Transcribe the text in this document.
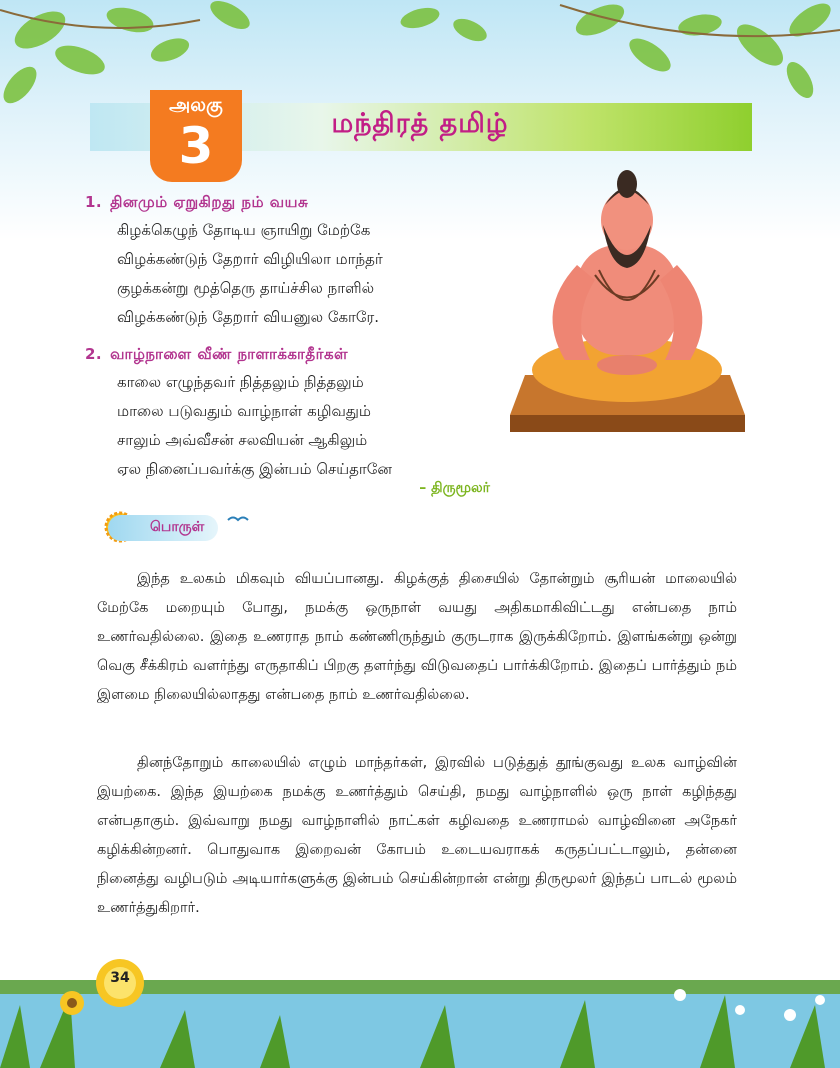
மந்திரத் தமிழ்
அலகு
3
1. தினமும் ஏறுகிறது நம் வயசு
கிழக்கெழுந் தோடிய ஞாயிறு மேற்கே
விழக்கண்டுந் தேறார் விழியிலா மாந்தர்
குழக்கன்று மூத்தெரு தாய்ச்சில நாளில்
விழக்கண்டுந் தேறார் வியனுல கோரே.
2. வாழ்நாளை வீண் நாளாக்காதீர்கள்
காலை எழுந்தவர் நித்தலும் நித்தலும்
மாலை படுவதும் வாழ்நாள் கழிவதும்
சாலும் அவ்வீசன் சலவியன் ஆகிலும்
ஏல நினைப்பவர்க்கு இன்பம் செய்தானே
– திருமூலர்
பொருள்

இந்த உலகம் மிகவும் வியப்பானது. கிழக்குத் திசையில் தோன்றும் சூரியன் மாலையில் மேற்கே மறையும் போது, நமக்கு ஒருநாள் வயது அதிகமாகிவிட்டது என்பதை நாம் உணர்வதில்லை. இதை உணராத நாம் கண்ணிருந்தும் குருடராக இருக்கிறோம். இளங்கன்று ஒன்று வெகு சீக்கிரம் வளர்ந்து எருதாகிப் பிறகு தளர்ந்து விடுவதைப் பார்க்கிறோம். இதைப் பார்த்தும் நம் இளமை நிலையில்லாதது என்பதை நாம் உணர்வதில்லை.

தினந்தோறும் காலையில் எழும் மாந்தர்கள், இரவில் படுத்துத் தூங்குவது உலக வாழ்வின் இயற்கை. இந்த இயற்கை நமக்கு உணர்த்தும் செய்தி, நமது வாழ்நாளில் ஒரு நாள் கழிந்தது என்பதாகும். இவ்வாறு நமது வாழ்நாளில் நாட்கள் கழிவதை உணராமல் வாழ்வினை அநேகர் கழிக்கின்றனர். பொதுவாக இறைவன் கோபம் உடையவராகக் கருதப்பட்டாலும், தன்னை நினைத்து வழிபடும் அடியார்களுக்கு இன்பம் செய்கின்றான் என்று திருமூலர் இந்தப் பாடல் மூலம் உணர்த்துகிறார்.

34
